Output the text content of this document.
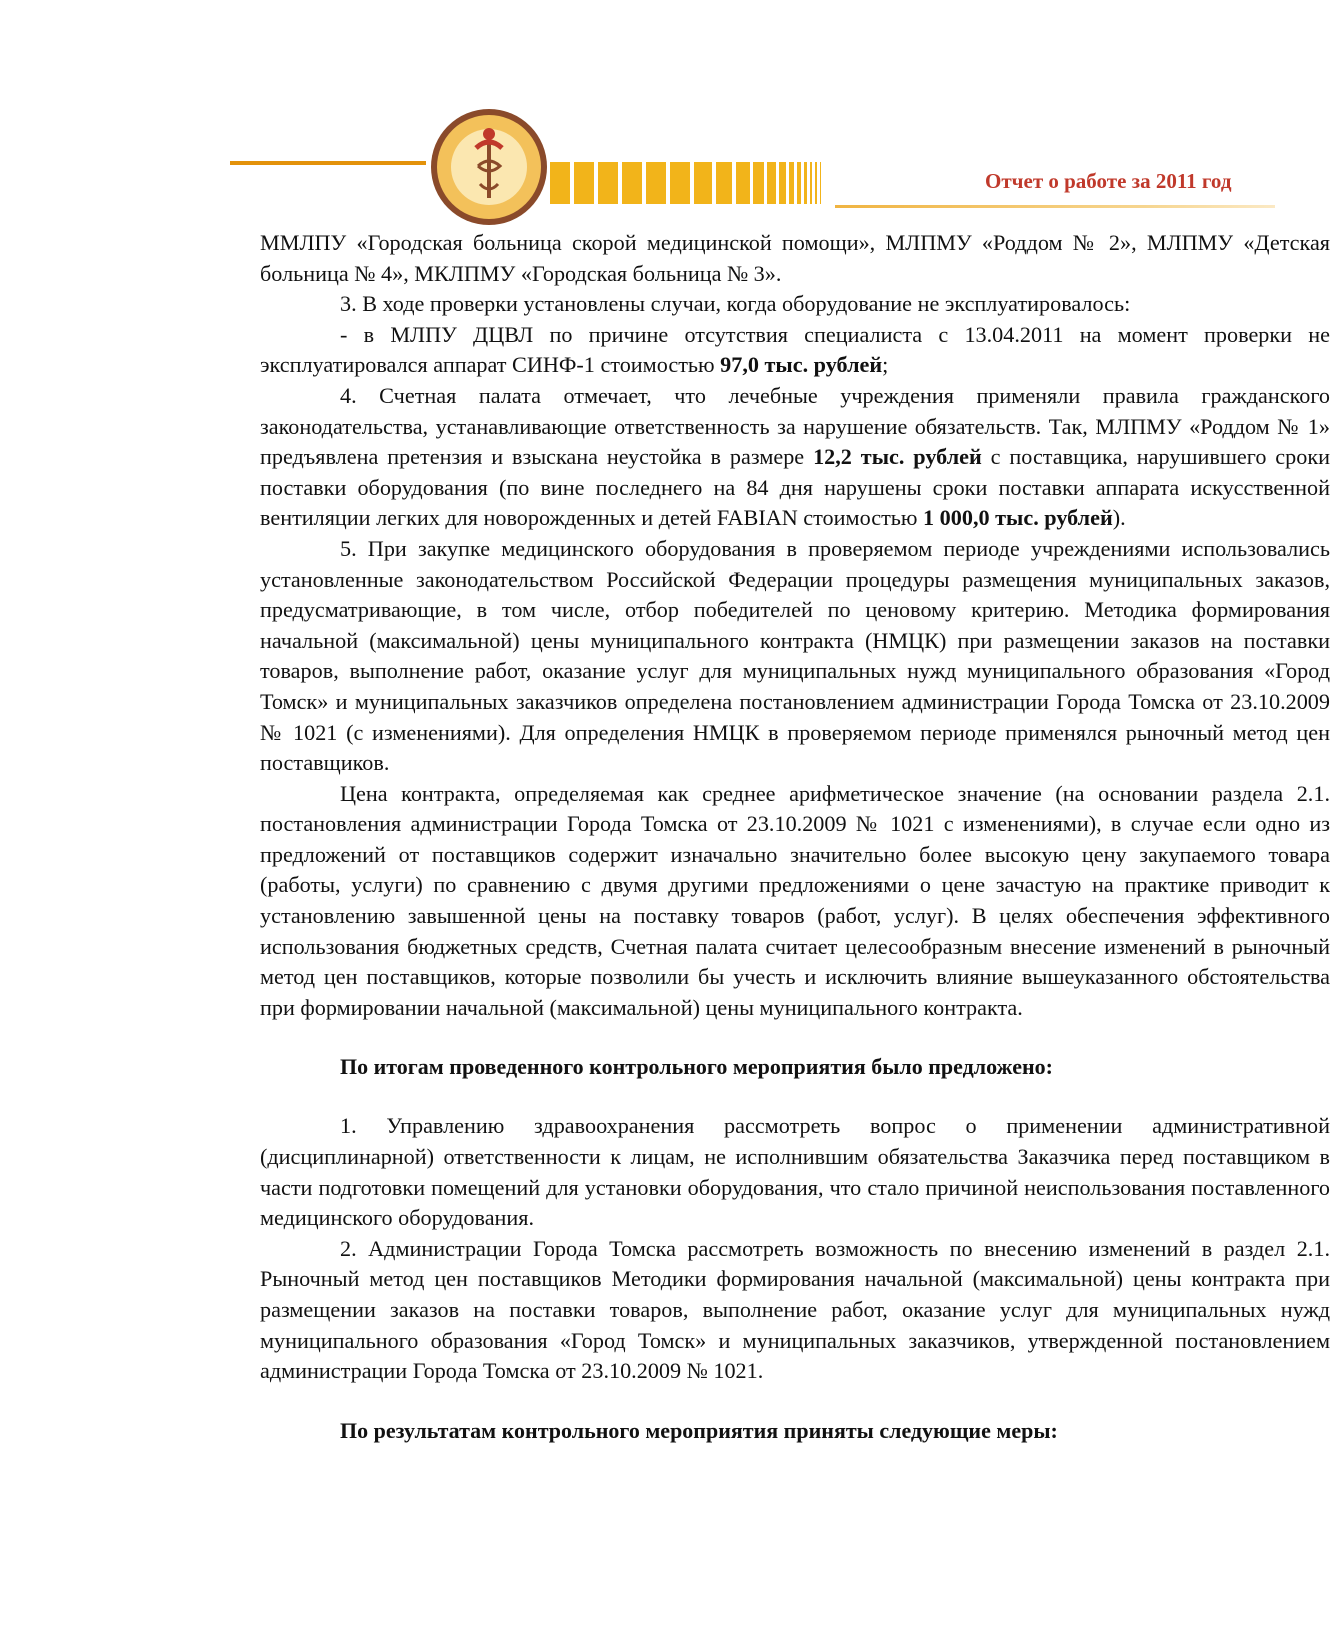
Отчет о работе за 2011 год

ММЛПУ «Городская больница скорой медицинской помощи», МЛПМУ «Роддом № 2», МЛПМУ «Детская больница № 4», МКЛПМУ «Городская больница № 3».

3. В ходе проверки установлены случаи, когда оборудование не эксплуатировалось:

- в МЛПУ ДЦВЛ по причине отсутствия специалиста с 13.04.2011 на момент проверки не эксплуатировался аппарат СИНФ-1 стоимостью 97,0 тыс. рублей;

4. Счетная палата отмечает, что лечебные учреждения применяли правила гражданского законодательства, устанавливающие ответственность за нарушение обязательств. Так, МЛПМУ «Роддом № 1» предъявлена претензия и взыскана неустойка в размере 12,2 тыс. рублей с поставщика, нарушившего сроки поставки оборудования (по вине последнего на 84 дня нарушены сроки поставки аппарата искусственной вентиляции легких для новорожденных и детей FABIAN стоимостью 1 000,0 тыс. рублей).

5. При закупке медицинского оборудования в проверяемом периоде учреждениями использовались установленные законодательством Российской Федерации процедуры размещения муниципальных заказов, предусматривающие, в том числе, отбор победителей по ценовому критерию. Методика формирования начальной (максимальной) цены муниципального контракта (НМЦК) при размещении заказов на поставки товаров, выполнение работ, оказание услуг для муниципальных нужд муниципального образования «Город Томск» и муниципальных заказчиков определена постановлением администрации Города Томска от 23.10.2009 № 1021 (с изменениями). Для определения НМЦК в проверяемом периоде применялся рыночный метод цен поставщиков.

Цена контракта, определяемая как среднее арифметическое значение (на основании раздела 2.1. постановления администрации Города Томска от 23.10.2009 № 1021 с изменениями), в случае если одно из предложений от поставщиков содержит изначально значительно более высокую цену закупаемого товара (работы, услуги) по сравнению с двумя другими предложениями о цене зачастую на практике приводит к установлению завышенной цены на поставку товаров (работ, услуг). В целях обеспечения эффективного использования бюджетных средств, Счетная палата считает целесообразным внесение изменений в рыночный метод цен поставщиков, которые позволили бы учесть и исключить влияние вышеуказанного обстоятельства при формировании начальной (максимальной) цены муниципального контракта.

По итогам проведенного контрольного мероприятия было предложено:

1. Управлению здравоохранения рассмотреть вопрос о применении административной (дисциплинарной) ответственности к лицам, не исполнившим обязательства Заказчика перед поставщиком в части подготовки помещений для установки оборудования, что стало причиной неиспользования поставленного медицинского оборудования.

2. Администрации Города Томска рассмотреть возможность по внесению изменений в раздел 2.1. Рыночный метод цен поставщиков Методики формирования начальной (максимальной) цены контракта при размещении заказов на поставки товаров, выполнение работ, оказание услуг для муниципальных нужд муниципального образования «Город Томск» и муниципальных заказчиков, утвержденной постановлением администрации Города Томска от 23.10.2009 № 1021.

По результатам контрольного мероприятия приняты следующие меры:
